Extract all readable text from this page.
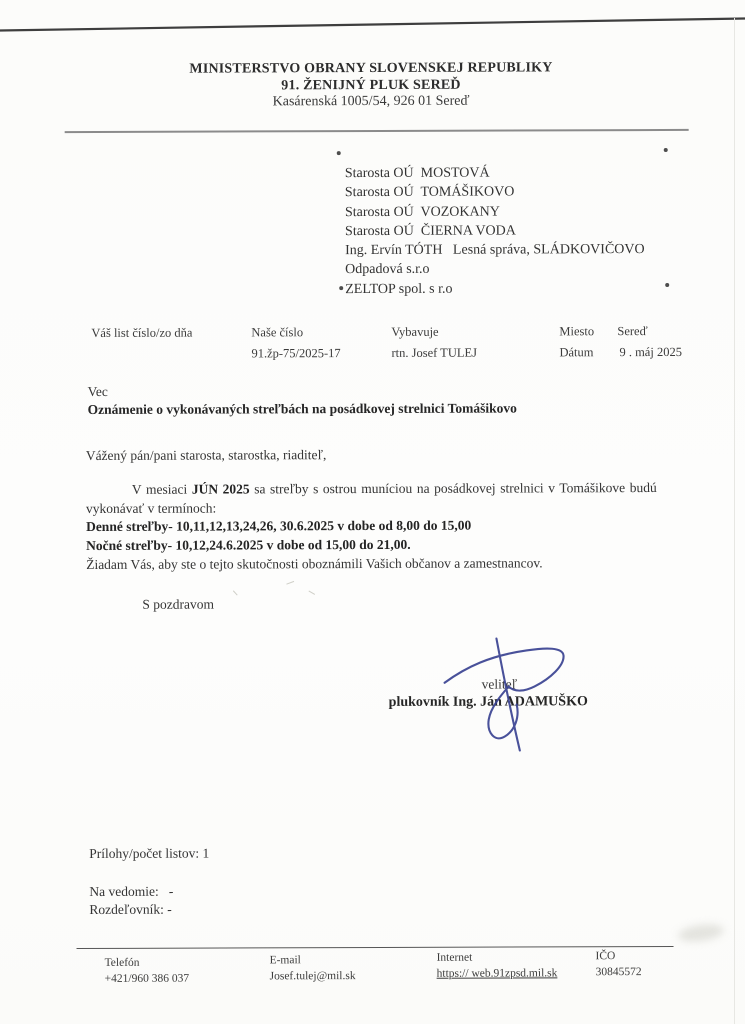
MINISTERSTVO OBRANY SLOVENSKEJ REPUBLIKY
91. ŽENIJNÝ PLUK SEREĎ
Kasárenská 1005/54, 926 01 Sereď
Starosta OÚ  MOSTOVÁ
Starosta OÚ  TOMÁŠIKOVO
Starosta OÚ  VOZOKANY
Starosta OÚ  ČIERNA VODA
Ing. Ervín TÓTH   Lesná správa, SLÁDKOVIČOVO
Odpadová s.r.o
ZELTOP spol. s r.o
Váš list číslo/zo dňa	Naše číslo
91.žp-75/2025-17
Vybavuje
rtn. Josef TULEJ
Miesto Sereď
Dátum 9 . máj 2025
Vec
Oznámenie o vykonávaných streľbách na posádkovej strelnici Tomášikovo
Vážený pán/pani starosta, starostka, riaditeľ,
V mesiaci JÚN 2025 sa streľby s ostrou muníciou na posádkovej strelnici v Tomášikove budú
vykonávať v termínoch:
Denné streľby- 10,11,12,13,24,26, 30.6.2025 v dobe od 8,00 do 15,00
Nočné streľby- 10,12,24.6.2025 v dobe od 15,00 do 21,00.
Žiadam Vás, aby ste o tejto skutočnosti oboznámili Vašich občanov a zamestnancov.
S pozdravom
veliteľ
plukovník Ing. Ján ADAMUŠKO
Prílohy/počet listov: 1
Na vedomie:   -
Rozdeľovník: -
Telefón
+421/960 386 037
E-mail
Josef.tulej@mil.sk
Internet
https:// web.91zpsd.mil.sk
IČO
30845572
